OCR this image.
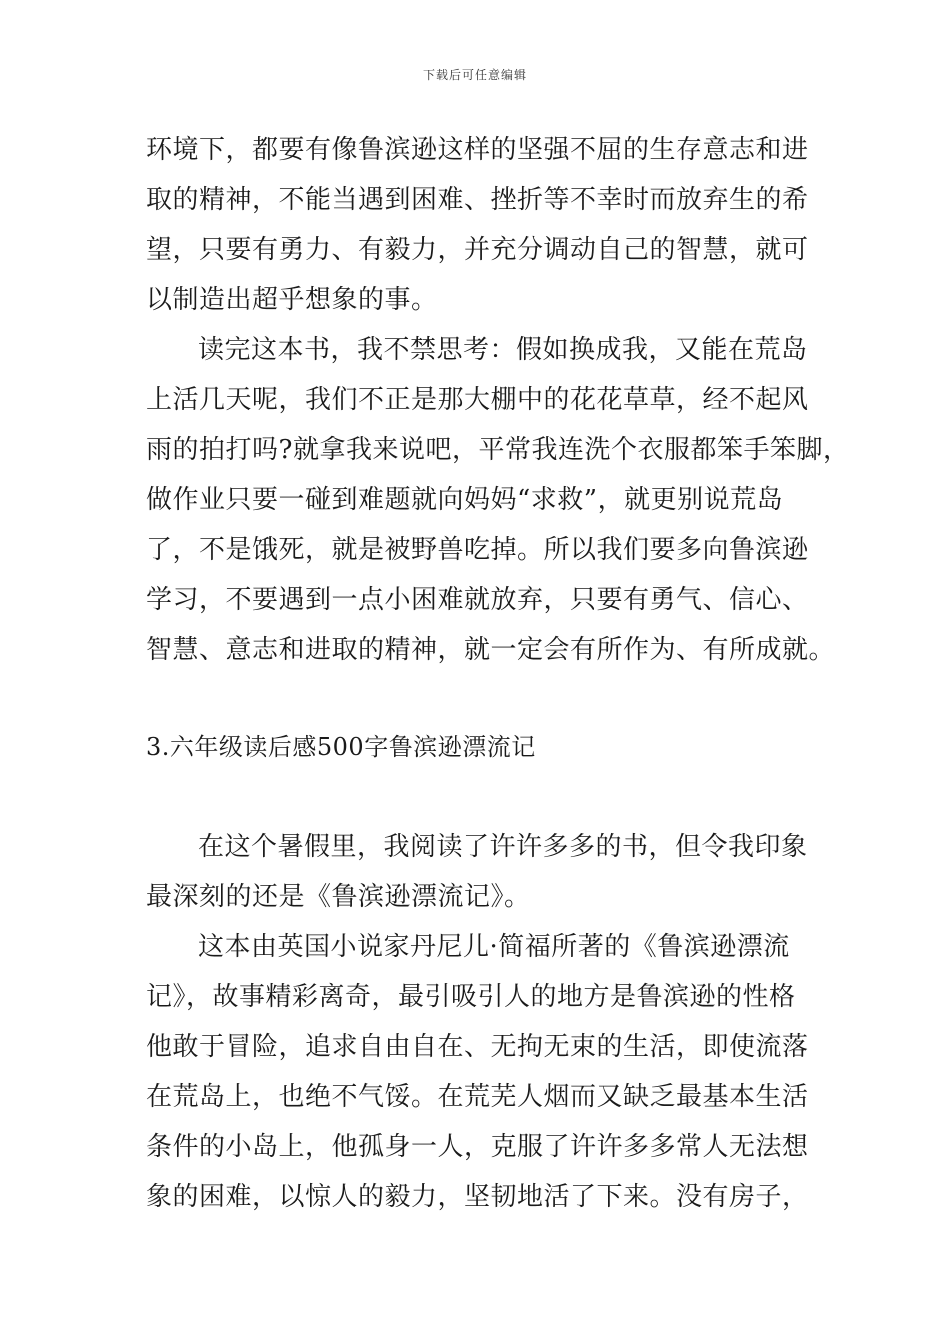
下载后可任意编辑
环境下，都要有像鲁滨逊这样的坚强不屈的生存意志和进
取的精神，不能当遇到困难、挫折等不幸时而放弃生的希
望，只要有勇力、有毅力，并充分调动自己的智慧，就可
以制造出超乎想象的事。
读完这本书，我不禁思考：假如换成我，又能在荒岛
上活几天呢，我们不正是那大棚中的花花草草，经不起风
雨的拍打吗?就拿我来说吧，平常我连洗个衣服都笨手笨脚，
做作业只要一碰到难题就向妈妈“求救”，就更别说荒岛
了，不是饿死，就是被野兽吃掉。所以我们要多向鲁滨逊
学习，不要遇到一点小困难就放弃，只要有勇气、信心、
智慧、意志和进取的精神，就一定会有所作为、有所成就。
3.六年级读后感500字鲁滨逊漂流记
在这个暑假里，我阅读了许许多多的书，但令我印象
最深刻的还是《鲁滨逊漂流记》。
这本由英国小说家丹尼儿·简福所著的《鲁滨逊漂流
记》，故事精彩离奇，最引吸引人的地方是鲁滨逊的性格
他敢于冒险，追求自由自在、无拘无束的生活，即使流落
在荒岛上，也绝不气馁。在荒芜人烟而又缺乏最基本生活
条件的小岛上，他孤身一人，克服了许许多多常人无法想
象的困难，以惊人的毅力，坚韧地活了下来。没有房子，
